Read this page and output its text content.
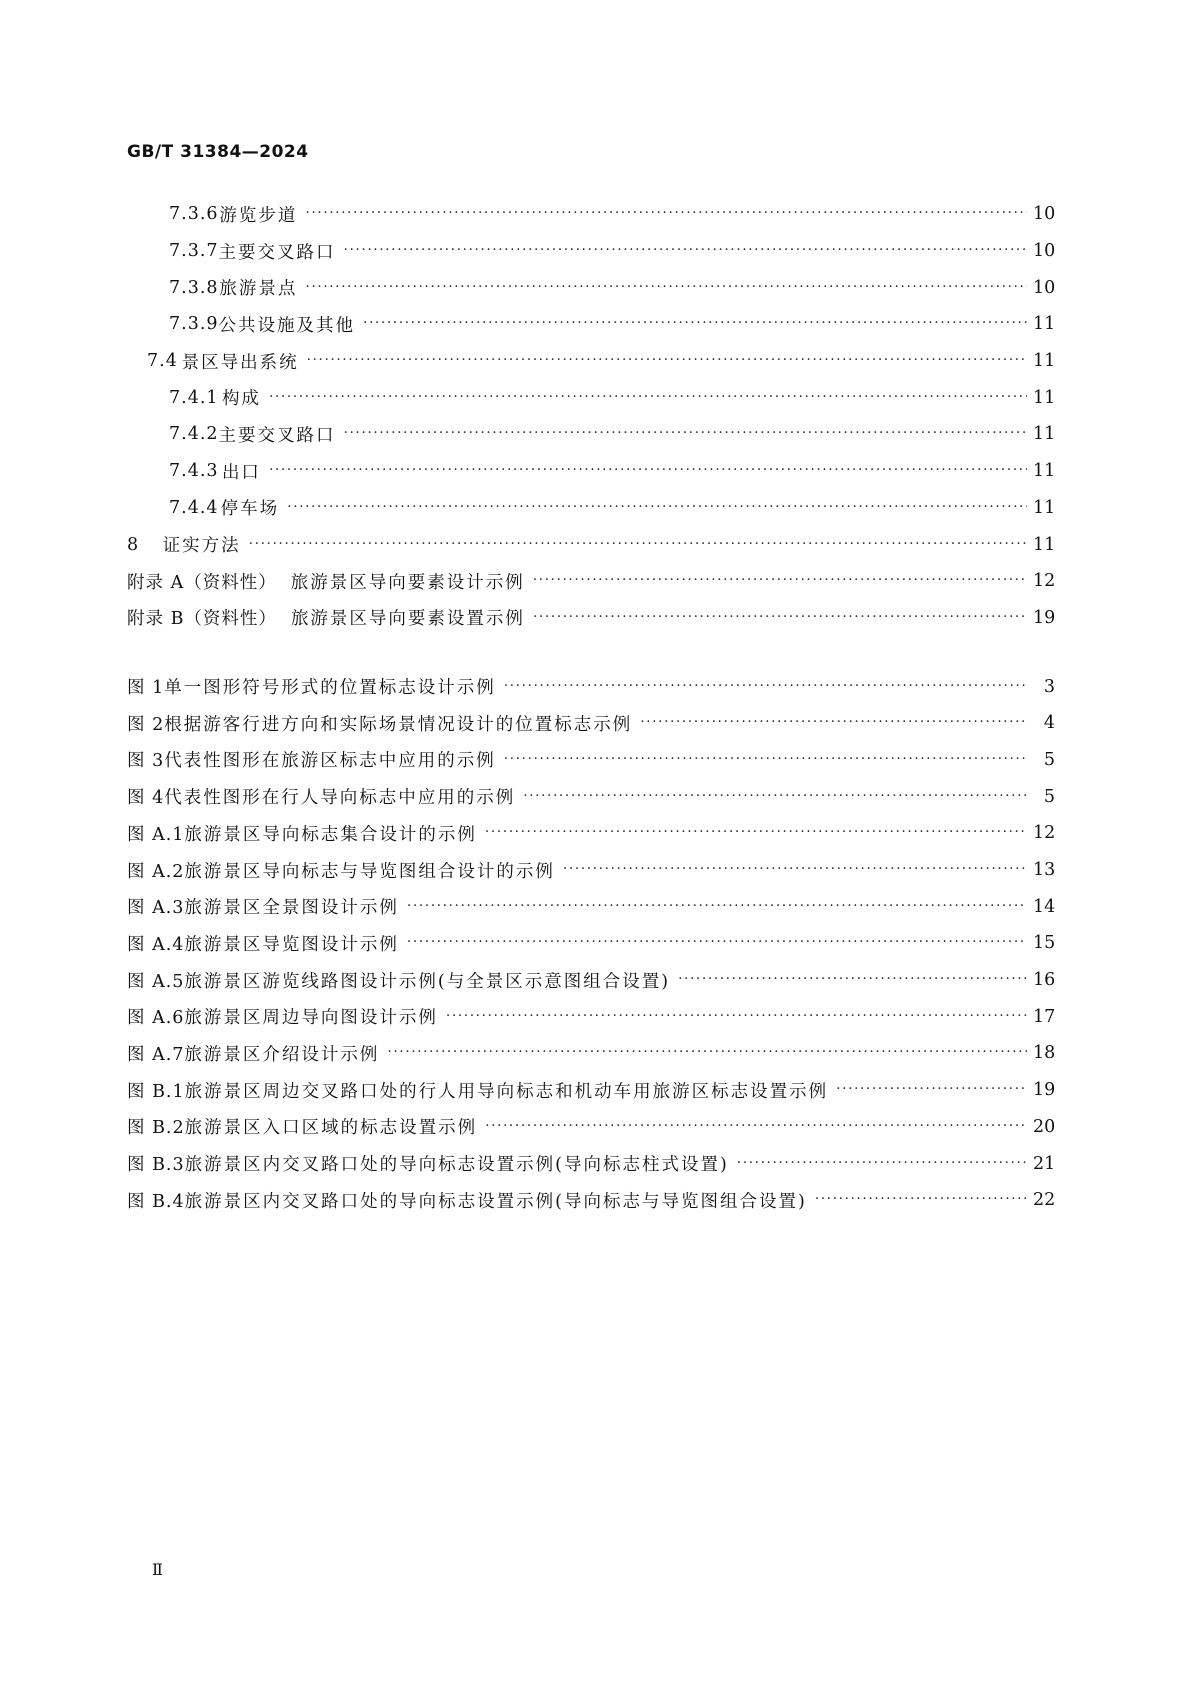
GB/T 31384—2024
7.3.6 游览步道 ·····	10
7.3.7 主要交叉路口 ·····	10
7.3.8 旅游景点 ·····	10
7.3.9 公共设施及其他 ·····	11
7.4 景区导出系统 ·····	11
7.4.1 构成 ·····	11
7.4.2 主要交叉路口 ·····	11
7.4.3 出口 ·····	11
7.4.4 停车场 ·····	11
8	证实方法 ·····	11
附录 A（资料性） 旅游景区导向要素设计示例 ·····	12
附录 B（资料性） 旅游景区导向要素设置示例 ·····	19
图 1 单一图形符号形式的位置标志设计示例 ·····	3
图 2 根据游客行进方向和实际场景情况设计的位置标志示例 ·····	4
图 3 代表性图形在旅游区标志中应用的示例 ·····	5
图 4 代表性图形在行人导向标志中应用的示例 ·····	5
图 A.1 旅游景区导向标志集合设计的示例 ·····	12
图 A.2 旅游景区导向标志与导览图组合设计的示例 ·····	13
图 A.3 旅游景区全景图设计示例 ·····	14
图 A.4 旅游景区导览图设计示例 ·····	15
图 A.5 旅游景区游览线路图设计示例(与全景区示意图组合设置) ·····	16
图 A.6 旅游景区周边导向图设计示例 ·····	17
图 A.7 旅游景区介绍设计示例 ·····	18
图 B.1 旅游景区周边交叉路口处的行人用导向标志和机动车用旅游区标志设置示例 ·····	19
图 B.2 旅游景区入口区域的标志设置示例 ·····	20
图 B.3 旅游景区内交叉路口处的导向标志设置示例(导向标志柱式设置) ·····	21
图 B.4 旅游景区内交叉路口处的导向标志设置示例(导向标志与导览图组合设置) ·····	22
Ⅱ
